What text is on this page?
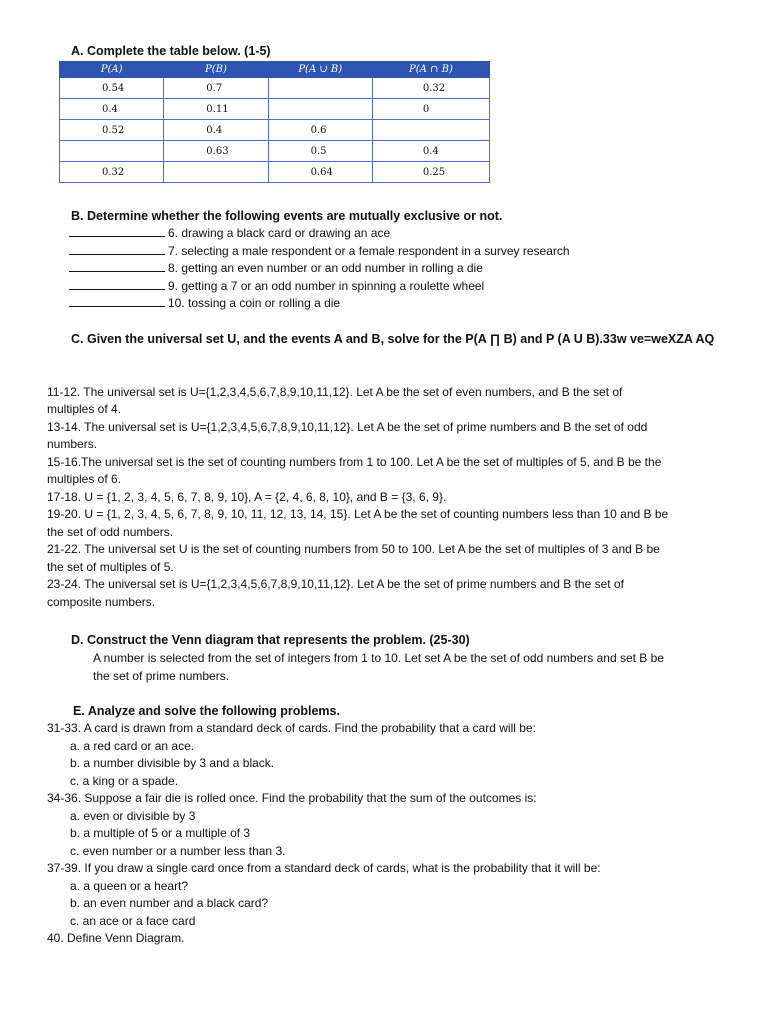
A. Complete the table below. (1-5)
P(A)	P(B)	P(A ∪ B)	P(A ∩ B)
0.54	0.7		0.32
0.4	0.11		0
0.52	0.4	0.6	
	0.63	0.5	0.4
0.32		0.64	0.25
B. Determine whether the following events are mutually exclusive or not.
6. drawing a black card or drawing an ace
7. selecting a male respondent or a female respondent in a survey research
8. getting an even number or an odd number in rolling a die
9. getting a 7 or an odd number in spinning a roulette wheel
10. tossing a coin or rolling a die
C. Given the universal set U, and the events A and B, solve for the P(A ∏ B) and P (A U B).33w ve=weXZA AQ
11-12. The universal set is U={1,2,3,4,5,6,7,8,9,10,11,12}. Let A be the set of even numbers, and B the set of
multiples of 4.
13-14. The universal set is U={1,2,3,4,5,6,7,8,9,10,11,12}. Let A be the set of prime numbers and B the set of odd
numbers.
15-16.The universal set is the set of counting numbers from 1 to 100. Let A be the set of multiples of 5, and B be the
multiples of 6.
17-18. U = {1, 2, 3, 4, 5, 6, 7, 8, 9, 10}, A = {2, 4, 6, 8, 10}, and B = {3, 6, 9}.
19-20. U = {1, 2, 3, 4, 5, 6, 7, 8, 9, 10, 11, 12, 13, 14, 15}. Let A be the set of counting numbers less than 10 and B be
the set of odd numbers.
21-22. The universal set U is the set of counting numbers from 50 to 100. Let A be the set of multiples of 3 and B be
the set of multiples of 5.
23-24. The universal set is U={1,2,3,4,5,6,7,8,9,10,11,12}. Let A be the set of prime numbers and B the set of
composite numbers.
D. Construct the Venn diagram that represents the problem. (25-30)
A number is selected from the set of integers from 1 to 10. Let set A be the set of odd numbers and set B be
the set of prime numbers.
E. Analyze and solve the following problems.
31-33. A card is drawn from a standard deck of cards. Find the probability that a card will be:
a. a red card or an ace.
b. a number divisible by 3 and a black.
c. a king or a spade.
34-36. Suppose a fair die is rolled once. Find the probability that the sum of the outcomes is:
a. even or divisible by 3
b. a multiple of 5 or a multiple of 3
c. even number or a number less than 3.
37-39. If you draw a single card once from a standard deck of cards, what is the probability that it will be:
a. a queen or a heart?
b. an even number and a black card?
c. an ace or a face card
40. Define Venn Diagram.
